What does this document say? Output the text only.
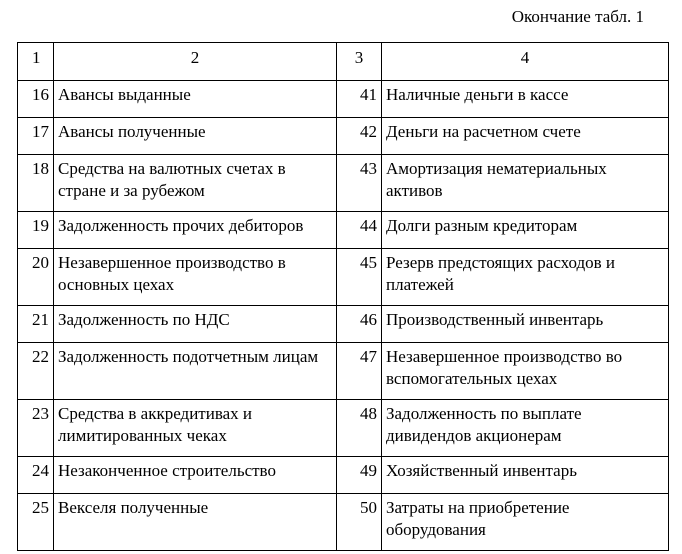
Окончание табл. 1
1	2	3	4
16	Авансы выданные	41	Наличные деньги в кассе
17	Авансы полученные	42	Деньги на расчетном счете
18	Средства на валютных счетах в стране и за рубежом	43	Амортизация нематериальных активов
19	Задолженность прочих дебиторов	44	Долги разным кредиторам
20	Незавершенное производство в основных цехах	45	Резерв предстоящих расходов и платежей
21	Задолженность по НДС	46	Производственный инвентарь
22	Задолженность подотчетным лицам	47	Незавершенное производство во вспомогательных цехах
23	Средства в аккредитивах и лимитированных чеках	48	Задолженность по выплате дивидендов акционерам
24	Незаконченное строительство	49	Хозяйственный инвентарь
25	Векселя полученные	50	Затраты на приобретение оборудования
